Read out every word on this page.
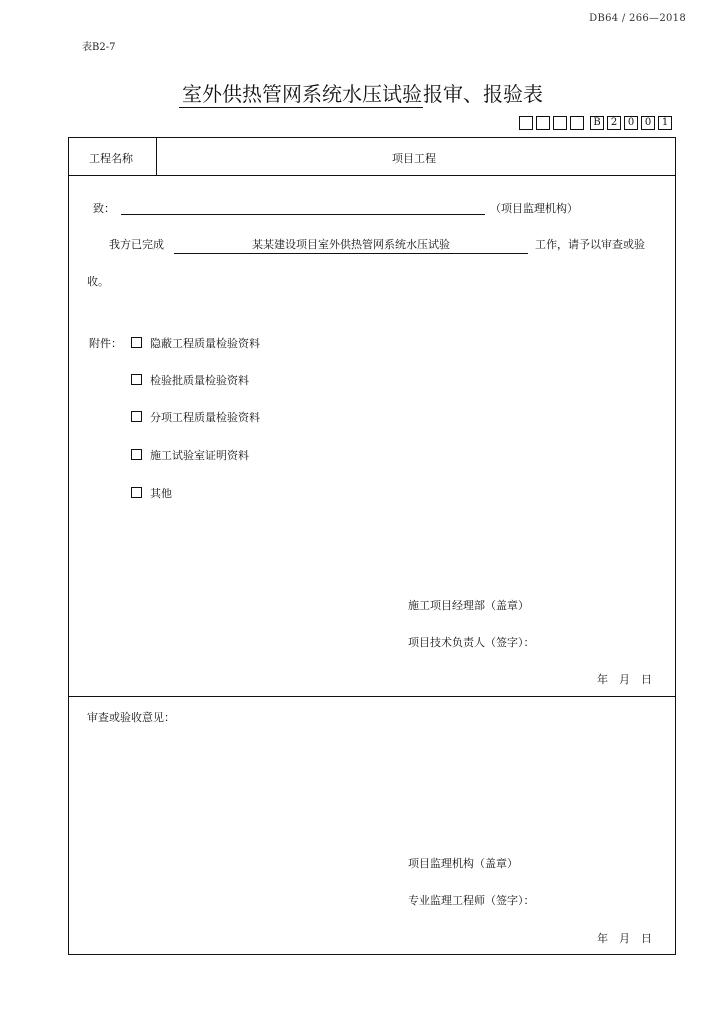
DB64 / 266—2018
表B2-7
室外供热管网系统水压试验报审、报验表
B	2	0	0	1
工程名称	项目工程
致：	（项目监理机构）
我方已完成	某某建设项目室外供热管网系统水压试验	工作，请予以审查或验
收。
附件：	隐蔽工程质量检验资料
检验批质量检验资料
分项工程质量检验资料
施工试验室证明资料
其他
施工项目经理部（盖章）
项目技术负责人（签字）：
年　月　日
审查或验收意见：
项目监理机构（盖章）
专业监理工程师（签字）：
年　月　日
